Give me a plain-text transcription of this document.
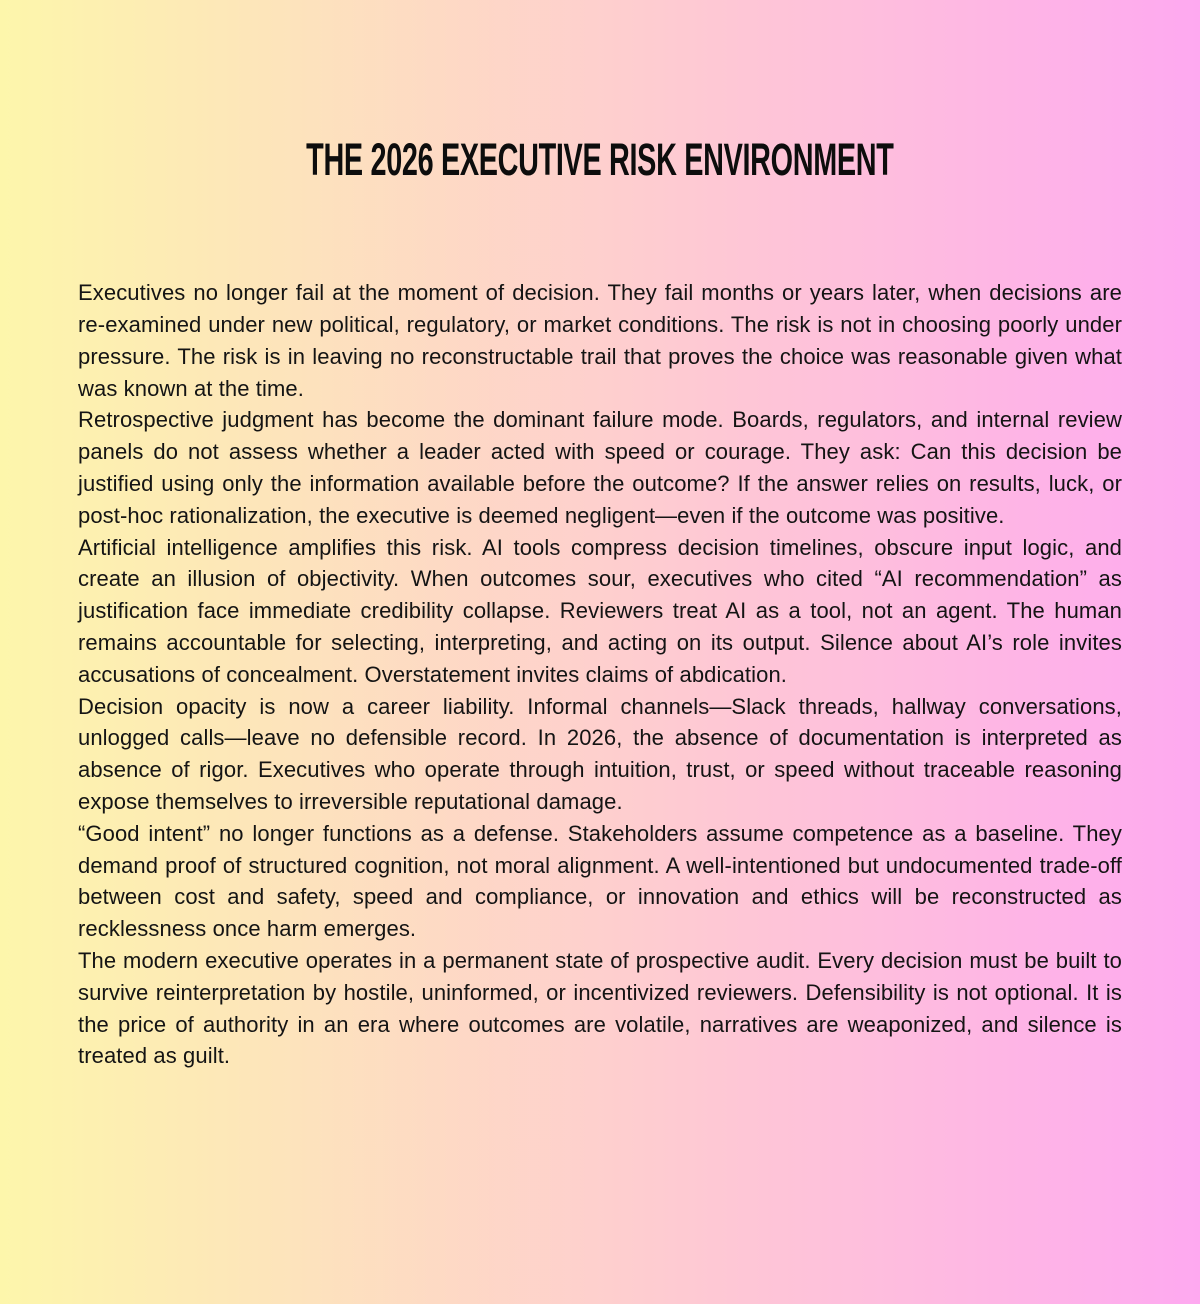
THE 2026 EXECUTIVE RISK ENVIRONMENT

Executives no longer fail at the moment of decision. They fail months or years later, when decisions are re-examined under new political, regulatory, or market conditions. The risk is not in choosing poorly under pressure. The risk is in leaving no reconstructable trail that proves the choice was reasonable given what was known at the time.

Retrospective judgment has become the dominant failure mode. Boards, regulators, and internal review panels do not assess whether a leader acted with speed or courage. They ask: Can this decision be justified using only the information available before the outcome? If the answer relies on results, luck, or post-hoc rationalization, the executive is deemed negligent—even if the outcome was positive.

Artificial intelligence amplifies this risk. AI tools compress decision timelines, obscure input logic, and create an illusion of objectivity. When outcomes sour, executives who cited “AI recommendation” as justification face immediate credibility collapse. Reviewers treat AI as a tool, not an agent. The human remains accountable for selecting, interpreting, and acting on its output. Silence about AI’s role invites accusations of concealment. Overstatement invites claims of abdication.

Decision opacity is now a career liability. Informal channels—Slack threads, hallway conversations, unlogged calls—leave no defensible record. In 2026, the absence of documentation is interpreted as absence of rigor. Executives who operate through intuition, trust, or speed without traceable reasoning expose themselves to irreversible reputational damage.

“Good intent” no longer functions as a defense. Stakeholders assume competence as a baseline. They demand proof of structured cognition, not moral alignment. A well-intentioned but undocumented trade-off between cost and safety, speed and compliance, or innovation and ethics will be reconstructed as recklessness once harm emerges.

The modern executive operates in a permanent state of prospective audit. Every decision must be built to survive reinterpretation by hostile, uninformed, or incentivized reviewers. Defensibility is not optional. It is the price of authority in an era where outcomes are volatile, narratives are weaponized, and silence is treated as guilt.
